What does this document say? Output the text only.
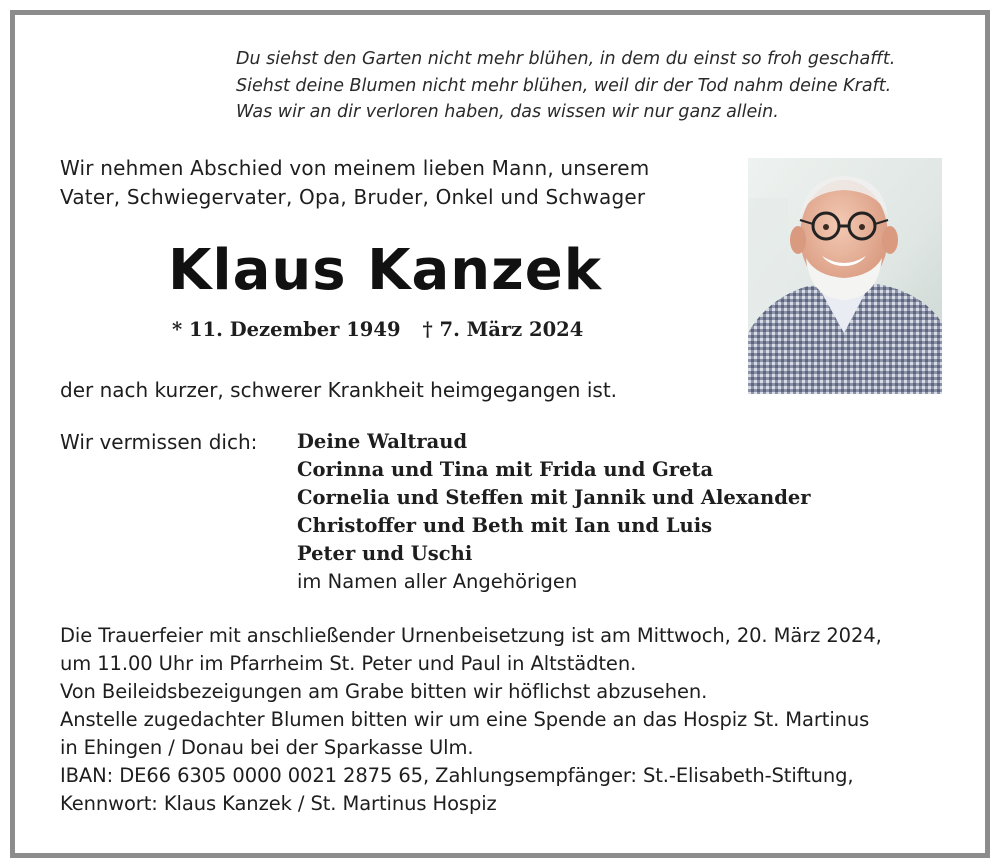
Du siehst den Garten nicht mehr blühen, in dem du einst so froh geschafft.
Siehst deine Blumen nicht mehr blühen, weil dir der Tod nahm deine Kraft.
Was wir an dir verloren haben, das wissen wir nur ganz allein.
Wir nehmen Abschied von meinem lieben Mann, unserem
Vater, Schwiegervater, Opa, Bruder, Onkel und Schwager
Klaus Kanzek
* 11. Dezember 1949 † 7. März 2024
der nach kurzer, schwerer Krankheit heimgegangen ist.
Wir vermissen dich: Deine Waltraud
Corinna und Tina mit Frida und Greta
Cornelia und Steffen mit Jannik und Alexander
Christoffer und Beth mit Ian und Luis
Peter und Uschi
im Namen aller Angehörigen
Die Trauerfeier mit anschließender Urnenbeisetzung ist am Mittwoch, 20. März 2024,
um 11.00 Uhr im Pfarrheim St. Peter und Paul in Altstädten.
Von Beileidsbezeigungen am Grabe bitten wir höflichst abzusehen.
Anstelle zugedachter Blumen bitten wir um eine Spende an das Hospiz St. Martinus
in Ehingen / Donau bei der Sparkasse Ulm.
IBAN: DE66 6305 0000 0021 2875 65, Zahlungsempfänger: St.-Elisabeth-Stiftung,
Kennwort: Klaus Kanzek / St. Martinus Hospiz
